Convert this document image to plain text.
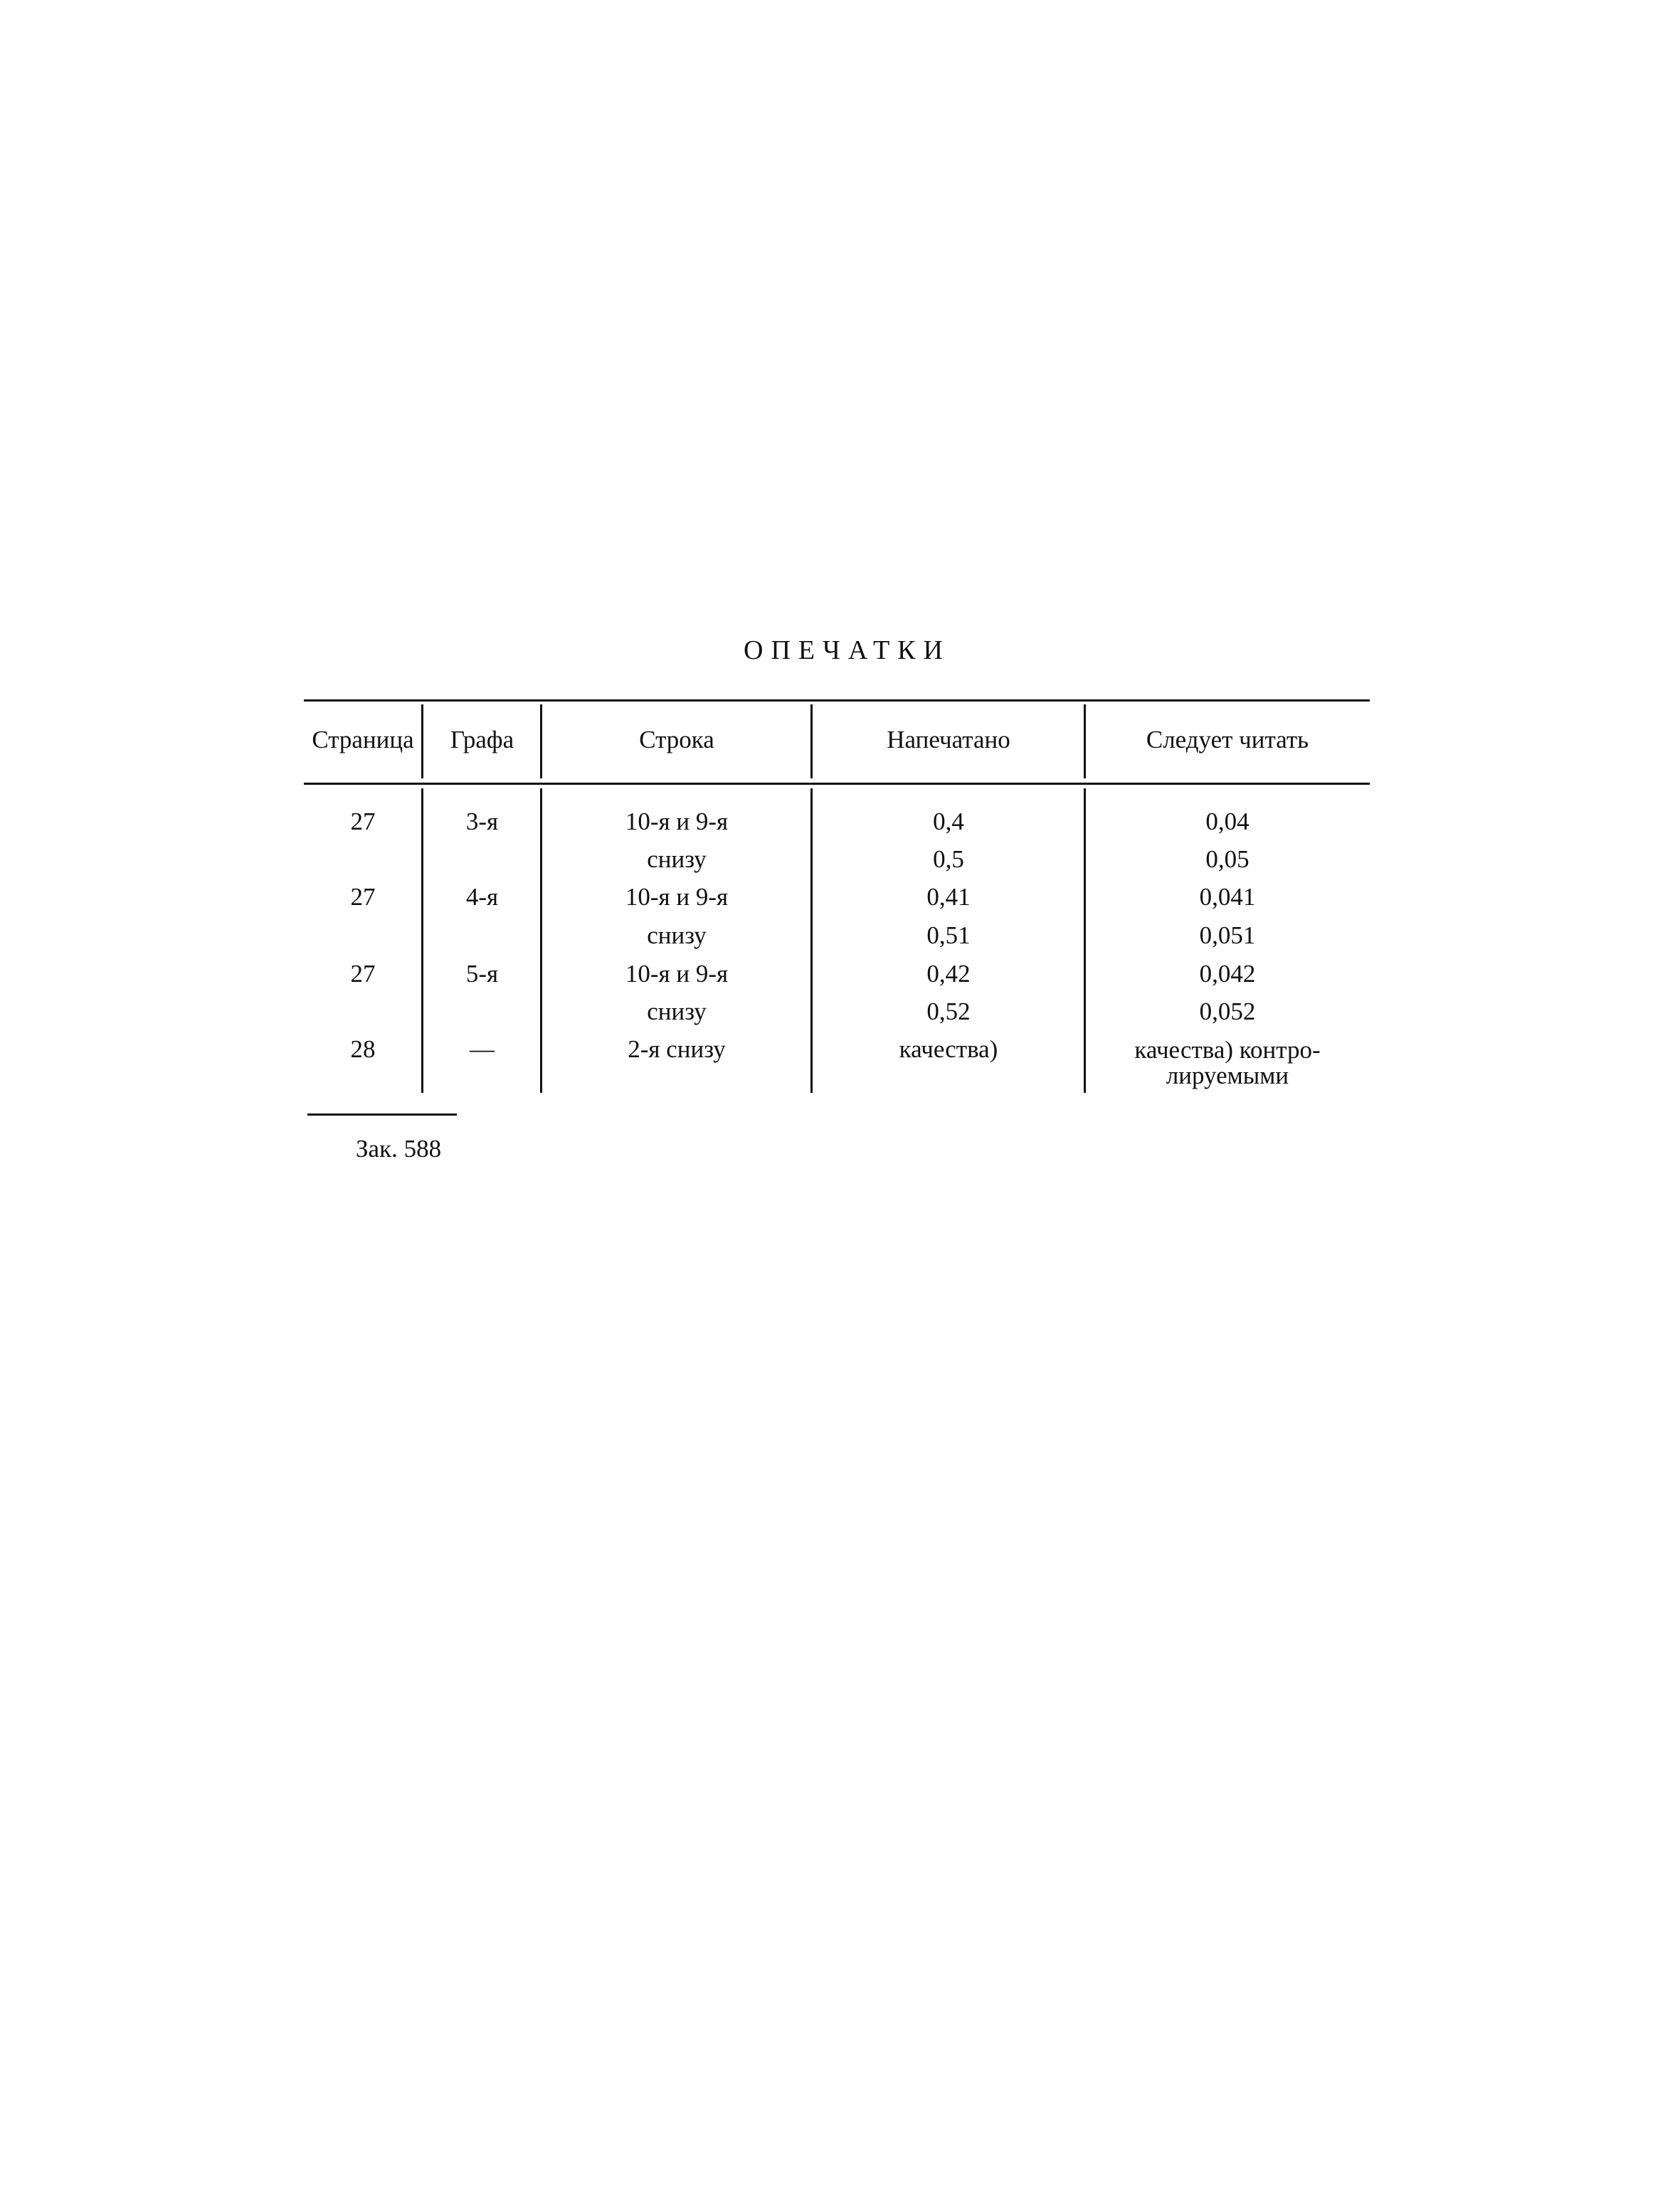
ОПЕЧАТКИ
Страница	Графа	Строка	Напечатано	Следует читать
27	3-я	10-я и 9-я	0,4	0,04
снизу	0,5	0,05
27	4-я	10-я и 9-я	0,41	0,041
снизу	0,51	0,051
27	5-я	10-я и 9-я	0,42	0,042
снизу	0,52	0,052
28	—	2-я снизу	качества)	качества) контро-лируемыми
Зак. 588
